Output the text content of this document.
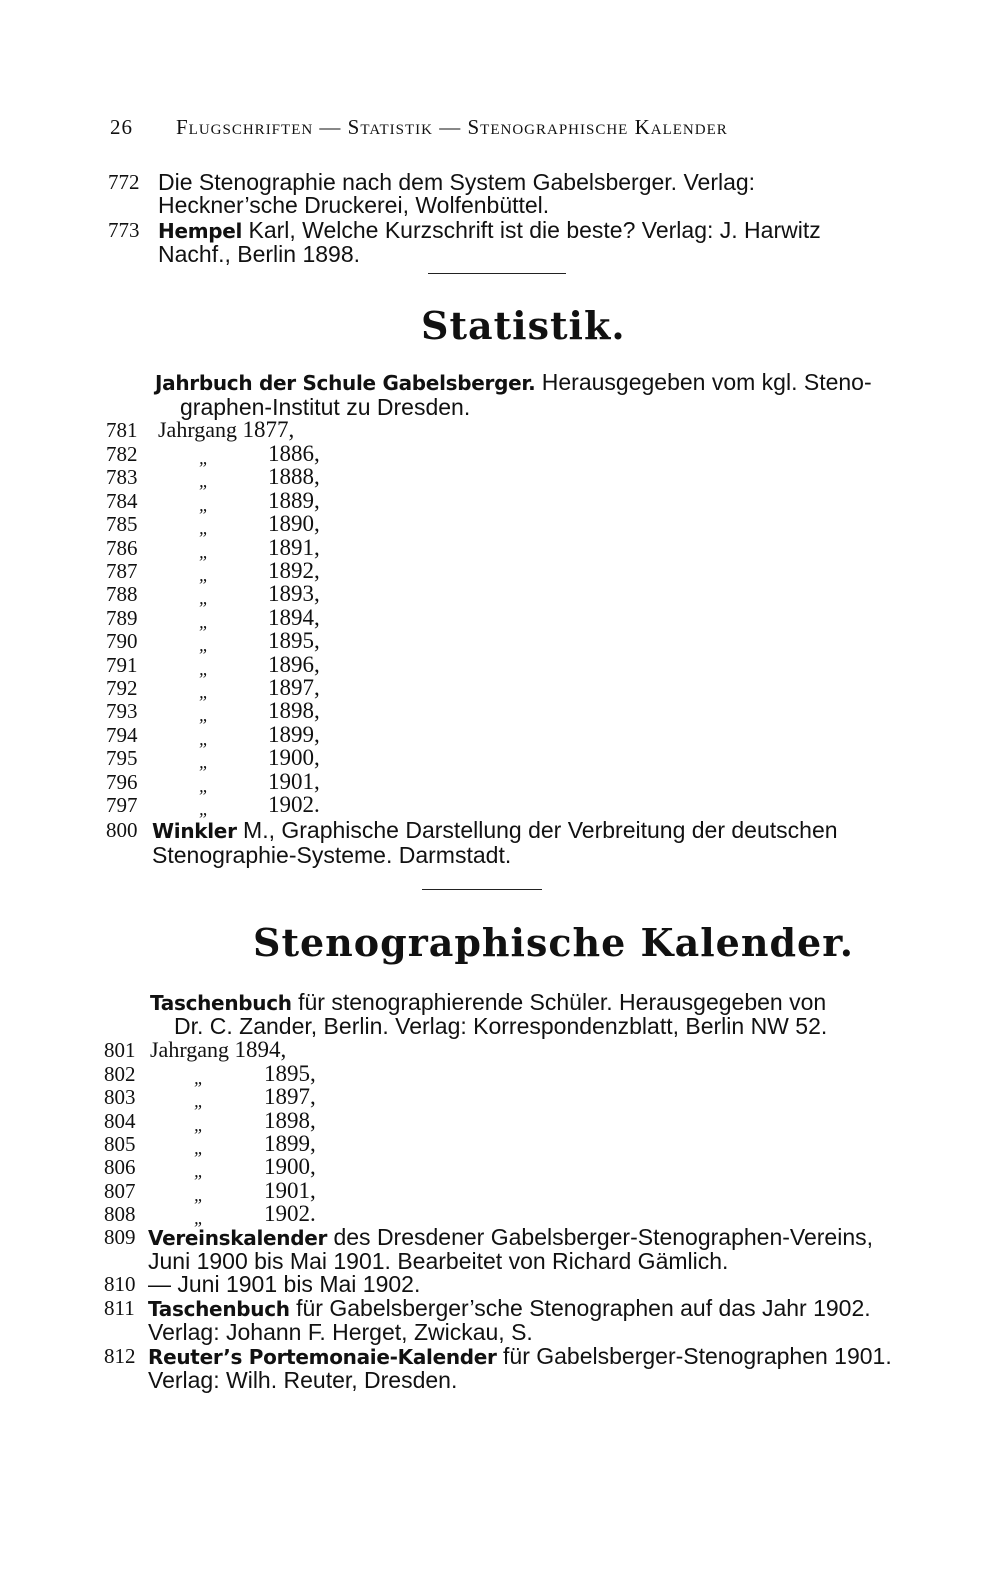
26 Flugschriften — Statistik — Stenographische Kalender
772 Die Stenographie nach dem System Gabelsberger. Verlag:
Heckner’sche Druckerei, Wolfenbüttel.
773 Hempel Karl, Welche Kurzschrift ist die beste? Verlag: J. Harwitz
Nachf., Berlin 1898.
Statistik.
Jahrbuch der Schule Gabelsberger. Herausgegeben vom kgl. Steno-
graphen-Institut zu Dresden.
781 Jahrgang 1877,
782	„	1886,
783	„	1888,
784	„	1889,
785	„	1890,
786	„	1891,
787	„	1892,
788	„	1893,
789	„	1894,
790	„	1895,
791	„	1896,
792	„	1897,
793	„	1898,
794	„	1899,
795	„	1900,
796	„	1901,
797	„	1902.
800 Winkler M., Graphische Darstellung der Verbreitung der deutschen
Stenographie-Systeme. Darmstadt.
Stenographische Kalender.
Taschenbuch für stenographierende Schüler. Herausgegeben von
Dr. C. Zander, Berlin. Verlag: Korrespondenzblatt, Berlin NW 52.
801 Jahrgang 1894,
802	„	1895,
803	„	1897,
804	„	1898,
805	„	1899,
806	„	1900,
807	„	1901,
808	„	1902.
809 Vereinskalender des Dresdener Gabelsberger-Stenographen-Vereins,
Juni 1900 bis Mai 1901. Bearbeitet von Richard Gämlich.
810 — Juni 1901 bis Mai 1902.
811 Taschenbuch für Gabelsberger’sche Stenographen auf das Jahr 1902.
Verlag: Johann F. Herget, Zwickau, S.
812 Reuter’s Portemonaie-Kalender für Gabelsberger-Stenographen 1901.
Verlag: Wilh. Reuter, Dresden.
